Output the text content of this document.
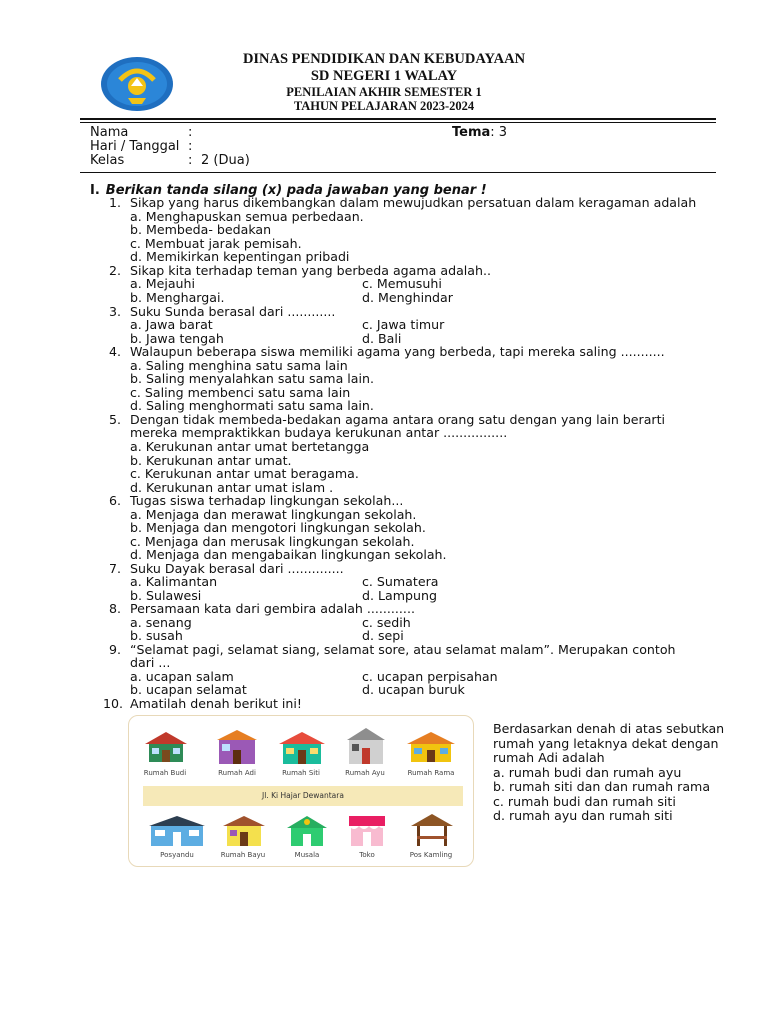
DINAS PENDIDIKAN DAN KEBUDAYAAN
SD NEGERI 1 WALAY
PENILAIAN AKHIR SEMESTER 1
TAHUN PELAJARAN 2023-2024
Nama	:
Hari / Tanggal :
Kelas	: 2 (Dua)
Tema: 3
I. Berikan tanda silang (x) pada jawaban yang benar !
1. Sikap yang harus dikembangkan dalam mewujudkan persatuan dalam keragaman adalah
a. Menghapuskan semua perbedaan.
b. Membeda- bedakan
c. Membuat jarak pemisah.
d. Memikirkan kepentingan pribadi
2. Sikap kita terhadap teman yang berbeda agama adalah..
a. Mejauhi	c. Memusuhi
b. Menghargai.	d. Menghindar
3. Suku Sunda berasal dari ............
a. Jawa barat	c. Jawa timur
b. Jawa tengah	d. Bali
4. Walaupun beberapa siswa memiliki agama yang berbeda, tapi mereka saling ...........
a. Saling menghina satu sama lain
b. Saling menyalahkan satu sama lain.
c. Saling membenci satu sama lain
d. Saling menghormati satu sama lain.
5. Dengan tidak membeda-bedakan agama antara orang satu dengan yang lain berarti
mereka mempraktikkan budaya kerukunan antar ................
a. Kerukunan antar umat bertetangga
b. Kerukunan antar umat.
c. Kerukunan antar umat beragama.
d. Kerukunan antar umat islam .
6. Tugas siswa terhadap lingkungan sekolah...
a. Menjaga dan merawat lingkungan sekolah.
b. Menjaga dan mengotori lingkungan sekolah.
c. Menjaga dan merusak lingkungan sekolah.
d. Menjaga dan mengabaikan lingkungan sekolah.
7. Suku Dayak berasal dari ..............
a. Kalimantan	c. Sumatera
b. Sulawesi	d. Lampung
8. Persamaan kata dari gembira adalah ............
a. senang	c. sedih
b. susah	d. sepi
9. “Selamat pagi, selamat siang, selamat sore, atau selamat malam”. Merupakan contoh
dari ...
a. ucapan salam	c. ucapan perpisahan
b. ucapan selamat	d. ucapan buruk
10. Amatilah denah berikut ini!
Rumah Budi	Rumah Adi	Rumah Siti	Rumah Ayu	Rumah Rama
Jl. Ki Hajar Dewantara
Posyandu	Rumah Bayu	Musala	Toko	Pos Kamling
Berdasarkan denah di atas sebutkan
rumah yang letaknya dekat dengan
rumah Adi adalah
a. rumah budi dan rumah ayu
b. rumah siti dan dan rumah rama
c. rumah budi dan rumah siti
d. rumah ayu dan rumah siti
